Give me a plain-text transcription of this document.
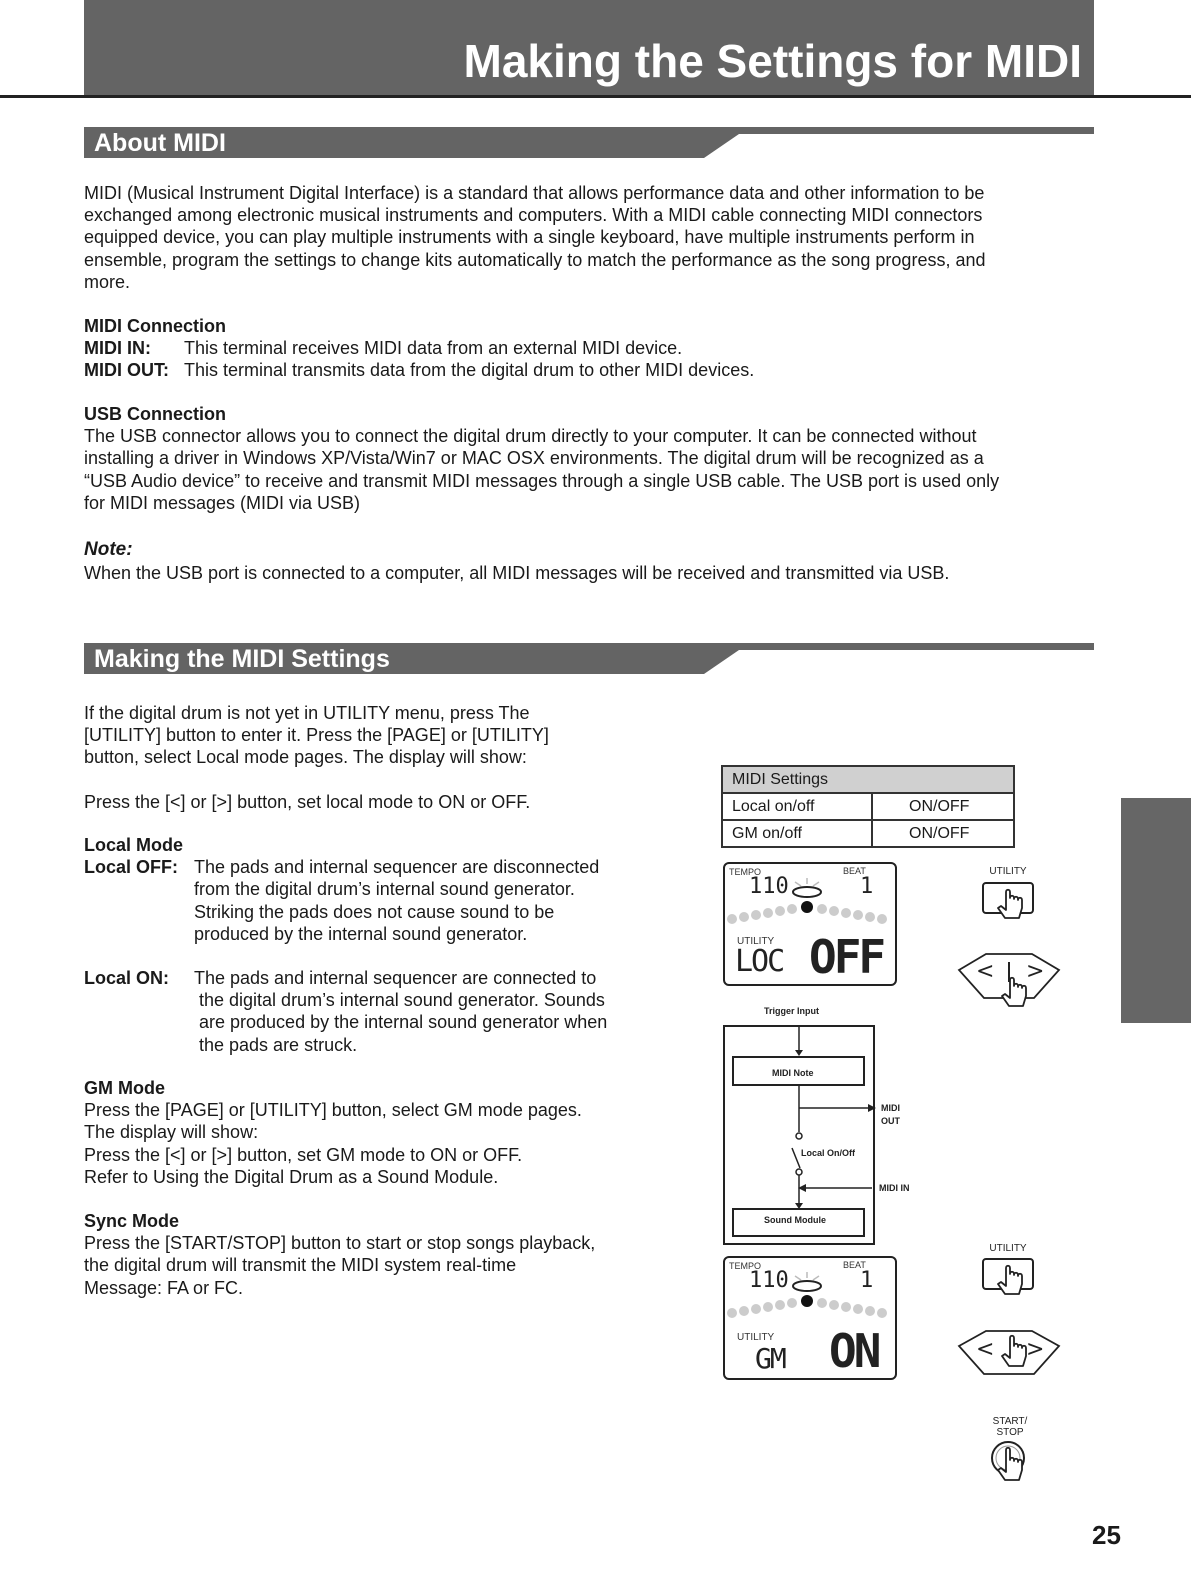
Making the Settings for MIDI
About MIDI
MIDI (Musical Instrument Digital Interface) is a standard that allows performance data and other information to be
exchanged among electronic musical instruments and computers. With a MIDI cable connecting MIDI connectors
equipped device, you can play multiple instruments with a single keyboard, have multiple instruments perform in
ensemble, program the settings to change kits automatically to match the performance as the song progress, and
more.
MIDI Connection
MIDI IN:	This terminal receives MIDI data from an external MIDI device.
MIDI OUT: This terminal transmits data from the digital drum to other MIDI devices.
USB Connection
The USB connector allows you to connect the digital drum directly to your computer. It can be connected without
installing a driver in Windows XP/Vista/Win7 or MAC OSX environments. The digital drum will be recognized as a
“USB Audio device” to receive and transmit MIDI messages through a single USB cable. The USB port is used only
for MIDI messages (MIDI via USB)
Note:
When the USB port is connected to a computer, all MIDI messages will be received and transmitted via USB.
Making the MIDI Settings
If the digital drum is not yet in UTILITY menu, press The
[UTILITY] button to enter it. Press the [PAGE] or [UTILITY]
button, select Local mode pages. The display will show:
Press the [<] or [>] button, set local mode to ON or OFF.
Local Mode
Local OFF: The pads and internal sequencer are disconnected
from the digital drum’s internal sound generator.
Striking the pads does not cause sound to be
produced by the internal sound generator.
Local ON:	The pads and internal sequencer are connected to
the digital drum’s internal sound generator. Sounds
are produced by the internal sound generator when
the pads are struck.
GM Mode
Press the [PAGE] or [UTILITY] button, select GM mode pages.
The display will show:
Press the [<] or [>] button, set GM mode to ON or OFF.
Refer to Using the Digital Drum as a Sound Module.
Sync Mode
Press the [START/STOP] button to start or stop songs playback,
the digital drum will transmit the MIDI system real-time
Message: FA or FC.
MIDI Settings	
Local on/off	ON/OFF
GM on/off	ON/OFF
TEMPO	BEAT
110	1
UTILITY
LOC OFF
TEMPO	BEAT
110	1
UTILITY
GM ON
UTILITY
< >
UTILITY
< >
START/
STOP
Trigger Input
MIDI Note
MIDI
OUT
Local On/Off
MIDI IN
Sound Module
25
